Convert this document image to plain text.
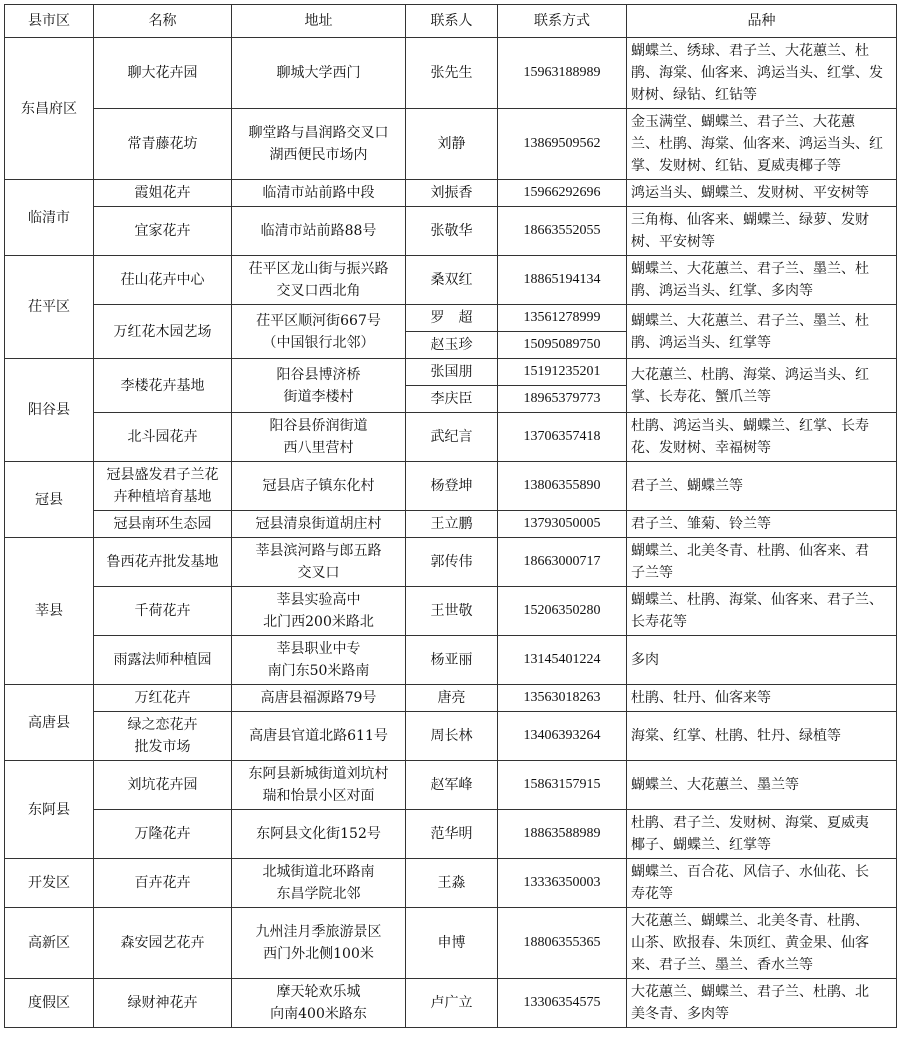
县市区	名称	地址	联系人	联系方式	品种
东昌府区	聊大花卉园	聊城大学西门	张先生	15963188989	蝴蝶兰、绣球、君子兰、大花蕙兰、杜
鹃、海棠、仙客来、鸿运当头、红掌、发
财树、绿钻、红钻等

	常青藤花坊	聊堂路与昌润路交叉口
湖西便民市场内	刘静	13869509562	金玉满堂、蝴蝶兰、君子兰、大花蕙
兰、杜鹃、海棠、仙客来、鸿运当头、红
掌、发财树、红钻、夏威夷椰子等

临清市	霞姐花卉	临清市站前路中段	刘振香	15966292696	鸿运当头、蝴蝶兰、发财树、平安树等

	宜家花卉	临清市站前路88号	张敬华	18663552055	三角梅、仙客来、蝴蝶兰、绿萝、发财
树、平安树等

茌平区	茌山花卉中心	茌平区龙山街与振兴路
交叉口西北角	桑双红	18865194134	蝴蝶兰、大花蕙兰、君子兰、墨兰、杜
鹃、鸿运当头、红掌、多肉等

	万红花木园艺场	茌平区顺河街667号
（中国银行北邻）	罗　超	13561278999	蝴蝶兰、大花蕙兰、君子兰、墨兰、杜
鹃、鸿运当头、红掌等

			赵玉珍	15095089750	
阳谷县	李楼花卉基地	阳谷县博济桥
街道李楼村	张国朋	15191235201	大花蕙兰、杜鹃、海棠、鸿运当头、红
掌、长寿花、蟹爪兰等

			李庆臣	18965379773	

	北斗园花卉	阳谷县侨润街道
西八里营村	武纪言	13706357418	杜鹃、鸿运当头、蝴蝶兰、红掌、长寿
花、发财树、幸福树等

冠县	冠县盛发君子兰花
卉种植培育基地	冠县店子镇东化村	杨登坤	13806355890	君子兰、蝴蝶兰等

	冠县南环生态园	冠县清泉街道胡庄村	王立鹏	13793050005	君子兰、雏菊、铃兰等

莘县	鲁西花卉批发基地	莘县滨河路与郎五路
交叉口	郭传伟	18663000717	蝴蝶兰、北美冬青、杜鹃、仙客来、君
子兰等

	千荷花卉	莘县实验高中
北门西200米路北	王世敬	15206350280	蝴蝶兰、杜鹃、海棠、仙客来、君子兰、
长寿花等

	雨露法师种植园	莘县职业中专
南门东50米路南	杨亚丽	13145401224	多肉

高唐县	万红花卉	高唐县福源路79号	唐亮	13563018263	杜鹃、牡丹、仙客来等

	绿之恋花卉
批发市场	高唐县官道北路611号	周长林	13406393264	海棠、红掌、杜鹃、牡丹、绿植等

东阿县	刘坑花卉园	东阿县新城街道刘坑村
瑞和怡景小区对面	赵军峰	15863157915	蝴蝶兰、大花蕙兰、墨兰等

	万隆花卉	东阿县文化街152号	范华明	18863588989	杜鹃、君子兰、发财树、海棠、夏威夷
椰子、蝴蝶兰、红掌等

开发区	百卉花卉	北城街道北环路南
东昌学院北邻	王淼	13336350003	蝴蝶兰、百合花、风信子、水仙花、长
寿花等

高新区	森安园艺花卉	九州洼月季旅游景区
西门外北侧100米	申博	18806355365	大花蕙兰、蝴蝶兰、北美冬青、杜鹃、
山茶、欧报春、朱顶红、黄金果、仙客
来、君子兰、墨兰、香水兰等

度假区	绿财神花卉	摩天轮欢乐城
向南400米路东	卢广立	13306354575	大花蕙兰、蝴蝶兰、君子兰、杜鹃、北
美冬青、多肉等
